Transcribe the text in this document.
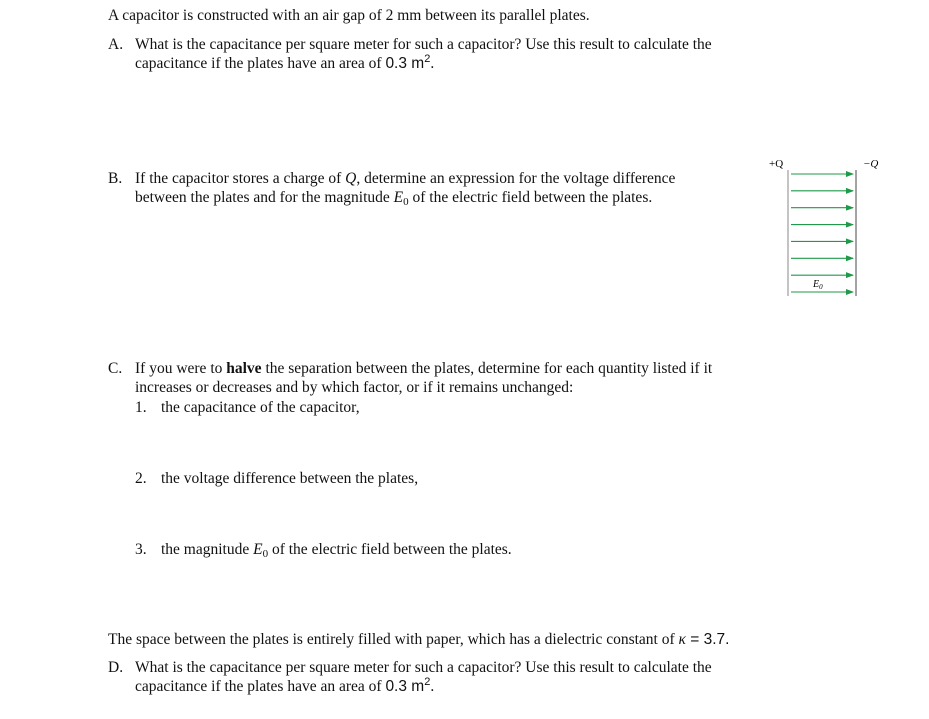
A capacitor is constructed with an air gap of 2 mm between its parallel plates.
A. What is the capacitance per square meter for such a capacitor? Use this result to calculate the
capacitance if the plates have an area of 0.3 $m^2$.
B. If the capacitor stores a charge of Q, determine an expression for the voltage difference
between the plates and for the magnitude $E_0$ of the electric field between the plates.
+Q	−Q
$E_0$
C. If you were to halve the separation between the plates, determine for each quantity listed if it
increases or decreases and by which factor, or if it remains unchanged:
1. the capacitance of the capacitor,
2. the voltage difference between the plates,
3. the magnitude $E_0$ of the electric field between the plates.
The space between the plates is entirely filled with paper, which has a dielectric constant of κ = 3.7.
D. What is the capacitance per square meter for such a capacitor? Use this result to calculate the
capacitance if the plates have an area of 0.3 $m^2$.
